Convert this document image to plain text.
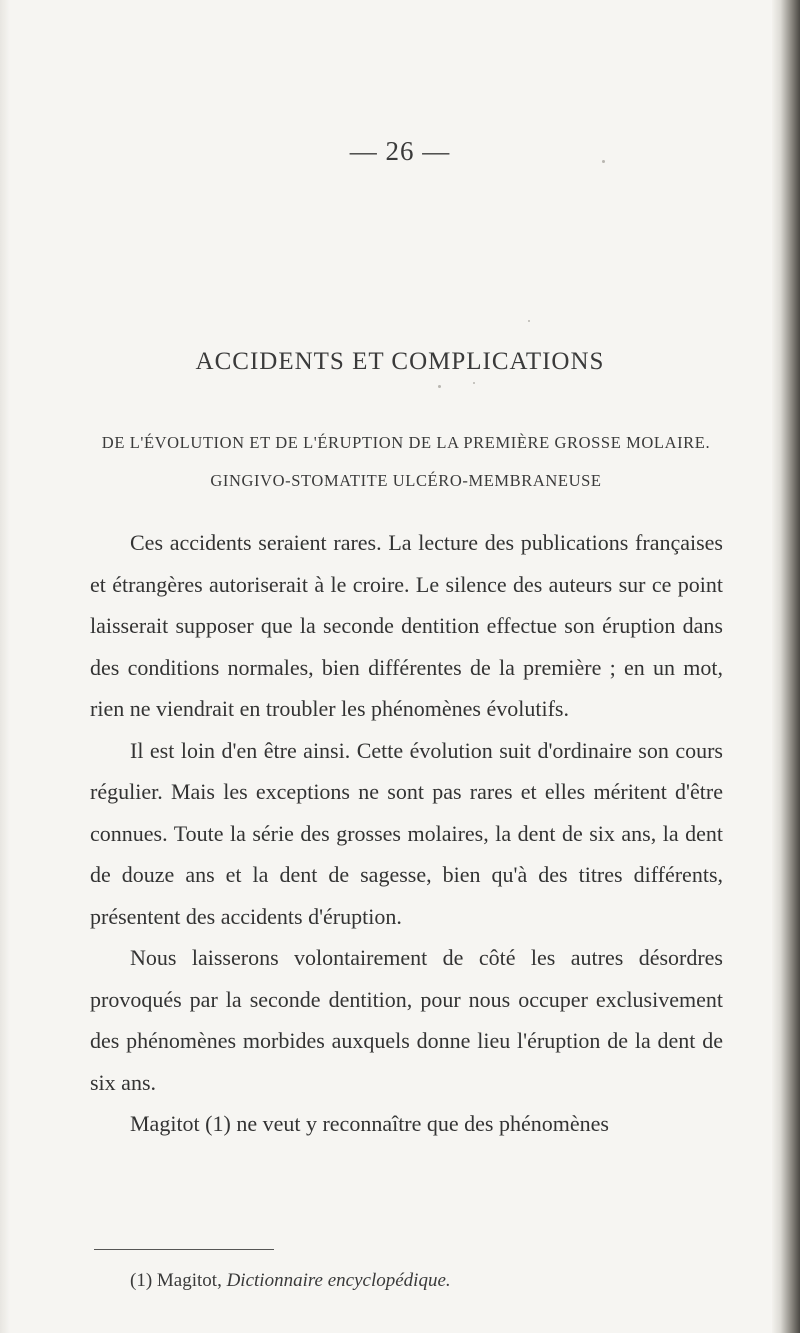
— 26 —
ACCIDENTS ET COMPLICATIONS
DE L'ÉVOLUTION ET DE L'ÉRUPTION DE LA PREMIÈRE GROSSE MOLAIRE. GINGIVO-STOMATITE ULCÉRO-MEMBRANEUSE

Ces accidents seraient rares. La lecture des publications françaises et étrangères autoriserait à le croire. Le silence des auteurs sur ce point laisserait supposer que la seconde dentition effectue son éruption dans des conditions normales, bien différentes de la première ; en un mot, rien ne viendrait en troubler les phénomènes évolutifs.

Il est loin d'en être ainsi. Cette évolution suit d'ordinaire son cours régulier. Mais les exceptions ne sont pas rares et elles méritent d'être connues. Toute la série des grosses molaires, la dent de six ans, la dent de douze ans et la dent de sagesse, bien qu'à des titres différents, présentent des accidents d'éruption.

Nous laisserons volontairement de côté les autres désordres provoqués par la seconde dentition, pour nous occuper exclusivement des phénomènes morbides auxquels donne lieu l'éruption de la dent de six ans.

Magitot (1) ne veut y reconnaître que des phénomènes

(1) Magitot, Dictionnaire encyclopédique.
